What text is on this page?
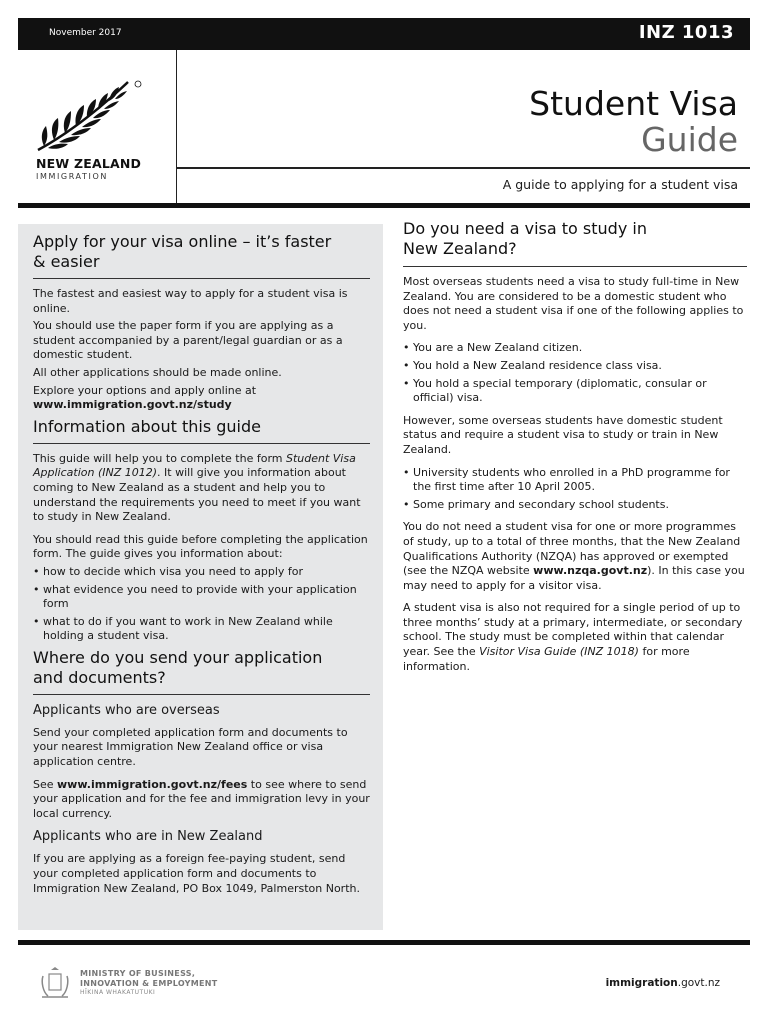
November 2017	INZ 1013
NEW ZEALAND
IMMIGRATION
Student Visa
Guide
A guide to applying for a student visa
Apply for your visa online – it’s faster
& easier

The fastest and easiest way to apply for a student visa is online.

You should use the paper form if you are applying as a student accompanied by a parent/legal guardian or as a domestic student.

All other applications should be made online.

Explore your options and apply online at
www.immigration.govt.nz/study

Information about this guide

This guide will help you to complete the form Student Visa Application (INZ 1012). It will give you information about coming to New Zealand as a student and help you to understand the requirements you need to meet if you want to study in New Zealand.

You should read this guide before completing the application form. The guide gives you information about:

• how to decide which visa you need to apply for
• what evidence you need to provide with your application form
• what to do if you want to work in New Zealand while holding a student visa.
Where do you send your application
and documents?
Applicants who are overseas

Send your completed application form and documents to your nearest Immigration New Zealand office or visa application centre.

See www.immigration.govt.nz/fees to see where to send your application and for the fee and immigration levy in your local currency.

Applicants who are in New Zealand

If you are applying as a foreign fee-paying student, send your completed application form and documents to Immigration New Zealand, PO Box 1049, Palmerston North.

Do you need a visa to study in
New Zealand?

Most overseas students need a visa to study full-time in New Zealand. You are considered to be a domestic student who does not need a student visa if one of the following applies to you.

• You are a New Zealand citizen.
• You hold a New Zealand residence class visa.
• You hold a special temporary (diplomatic, consular or official) visa.

However, some overseas students have domestic student status and require a student visa to study or train in New Zealand.

• University students who enrolled in a PhD programme for the first time after 10 April 2005.
• Some primary and secondary school students.

You do not need a student visa for one or more programmes of study, up to a total of three months, that the New Zealand Qualifications Authority (NZQA) has approved or exempted (see the NZQA website www.nzqa.govt.nz). In this case you may need to apply for a visitor visa.

A student visa is also not required for a single period of up to three months’ study at a primary, intermediate, or secondary school. The study must be completed within that calendar year. See the Visitor Visa Guide (INZ 1018) for more information.

MINISTRY OF BUSINESS,
INNOVATION & EMPLOYMENT
HĪKINA WHAKATUTUKI
immigration.govt.nz
